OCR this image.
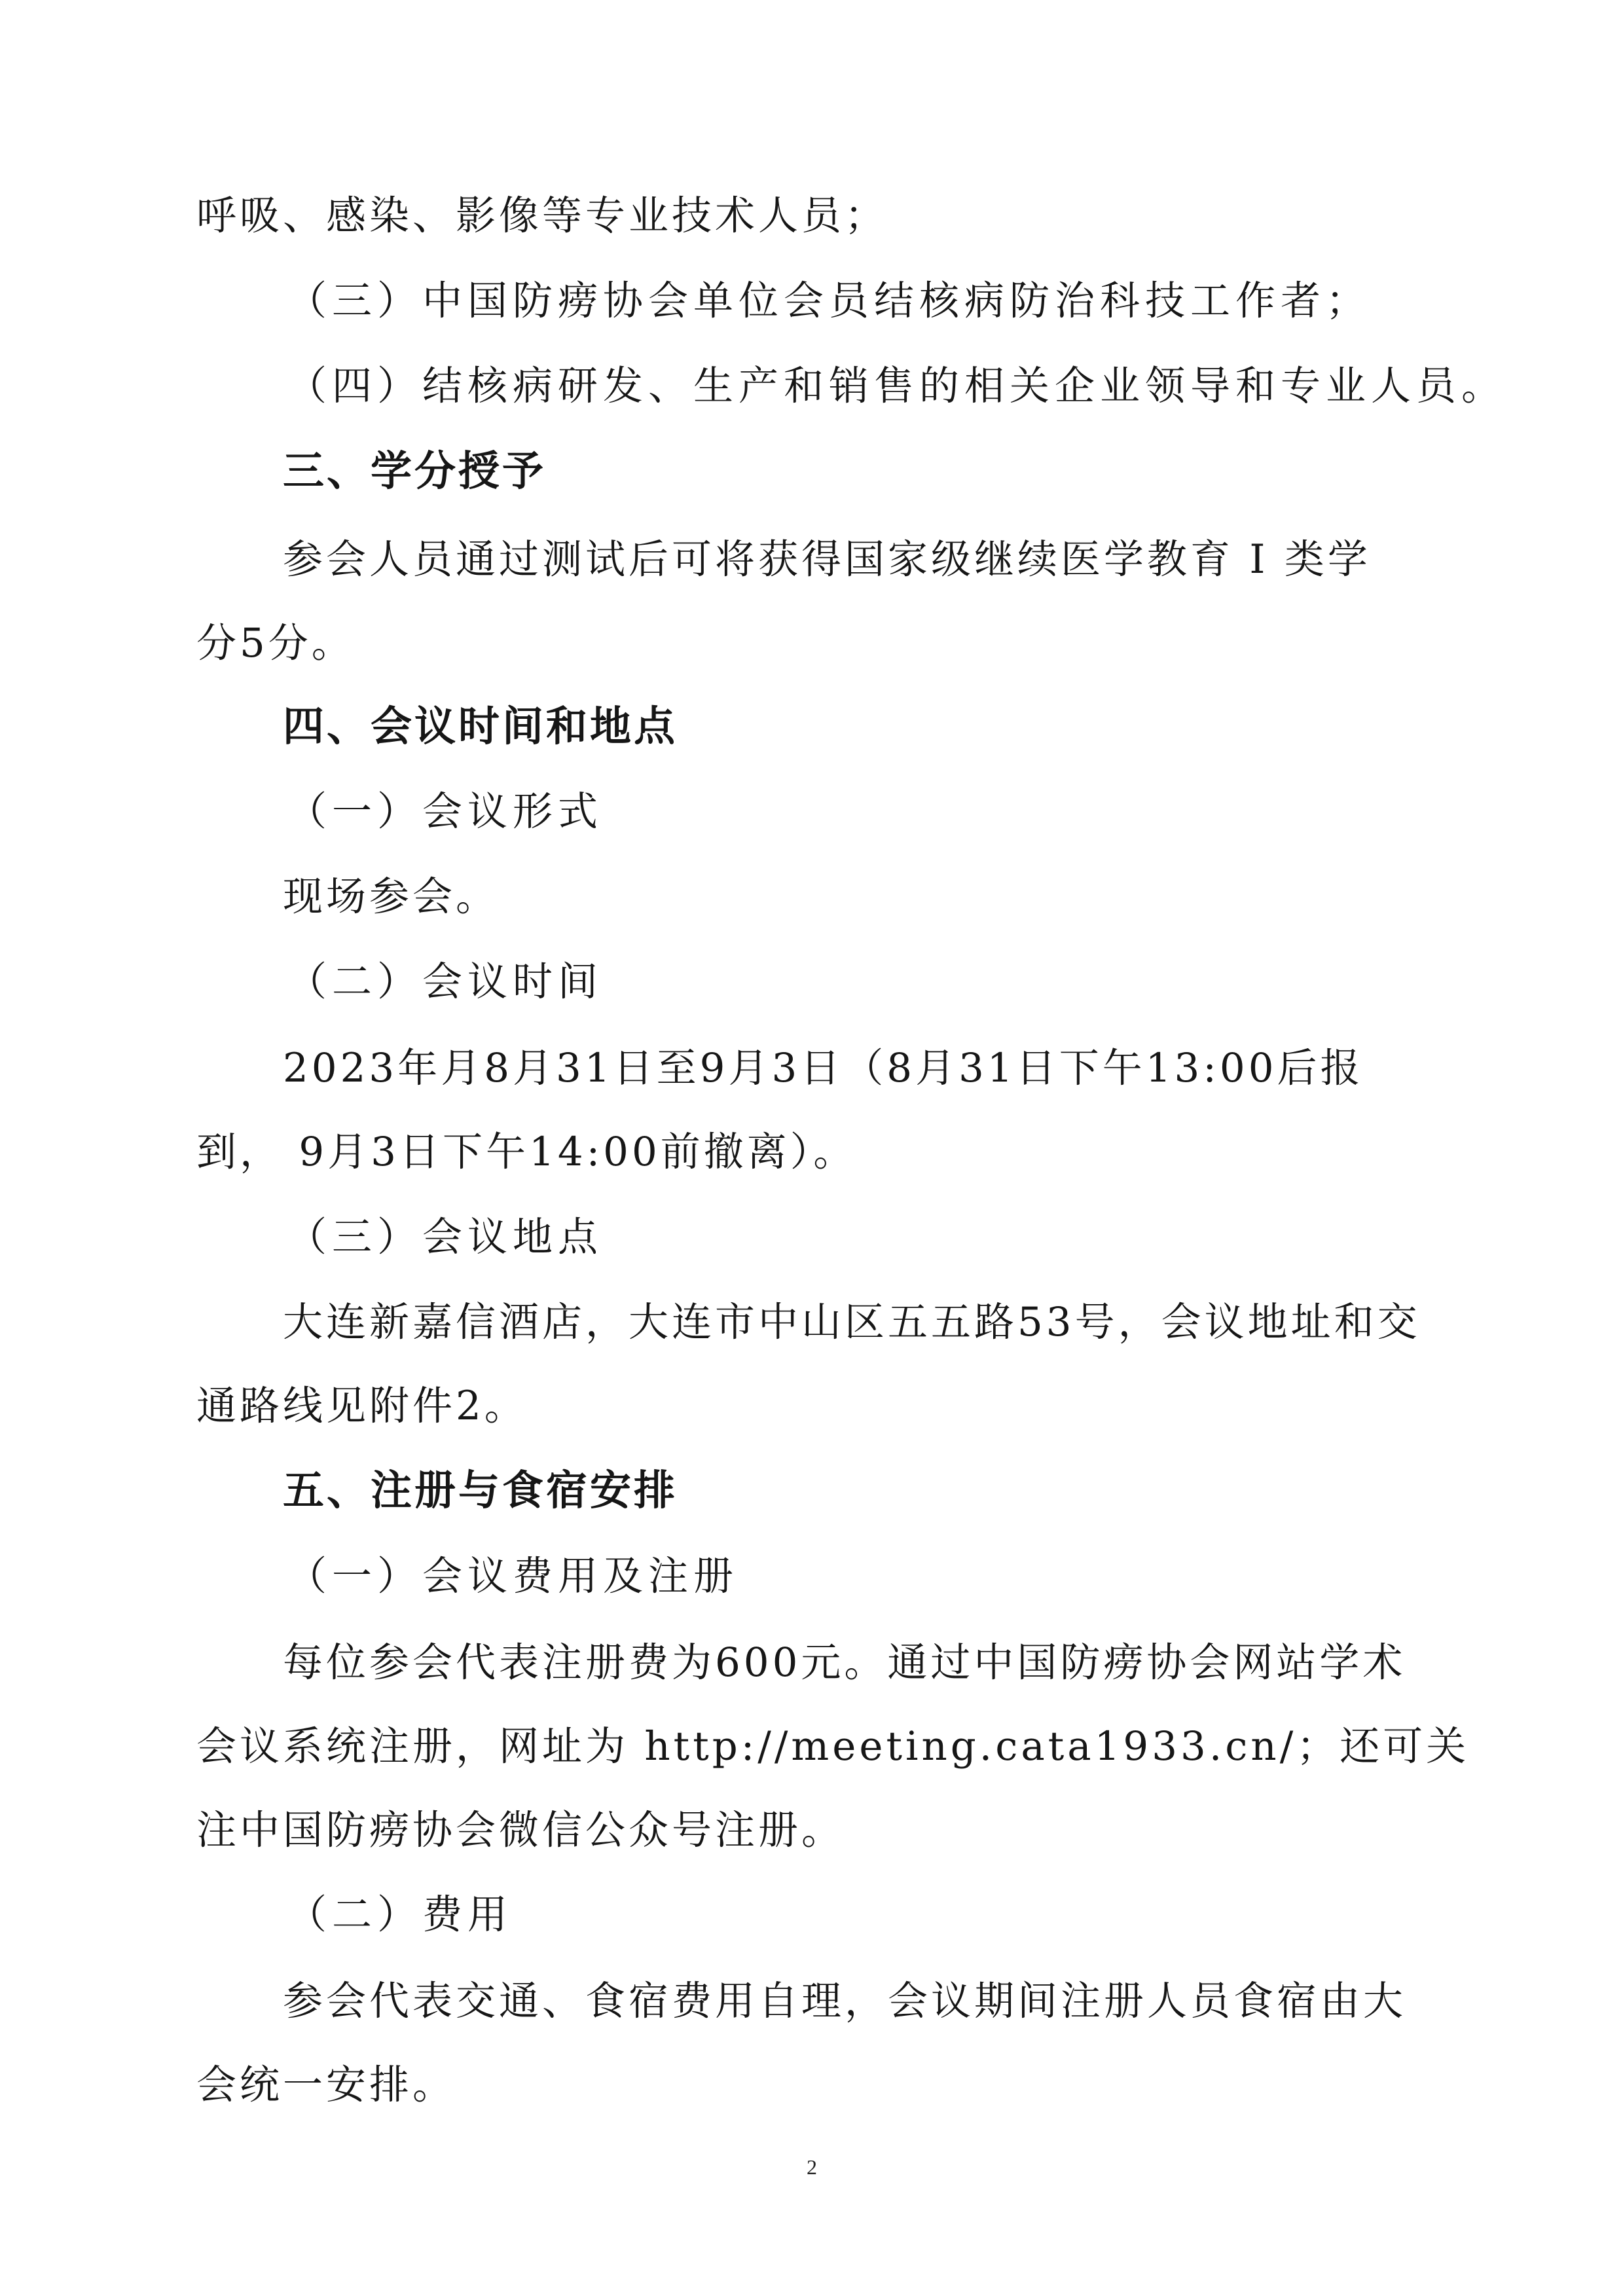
呼吸、感染、影像等专业技术人员；
（三）中国防痨协会单位会员结核病防治科技工作者；
（四）结核病研发、生产和销售的相关企业领导和专业人员。
三、学分授予
参会人员通过测试后可将获得国家级继续医学教育 Ⅰ 类学
分5分。
四、会议时间和地点
（一）会议形式
现场参会。
（二）会议时间
2023年月8月31日至9月3日（8月31日下午13:00后报
到， 9月3日下午14:00前撤离）。
（三）会议地点
大连新嘉信酒店，大连市中山区五五路53号，会议地址和交
通路线见附件2。
五、注册与食宿安排
（一）会议费用及注册
每位参会代表注册费为600元。通过中国防痨协会网站学术
会议系统注册，网址为 http://meeting.cata1933.cn/；还可关
注中国防痨协会微信公众号注册。
（二）费用
参会代表交通、食宿费用自理，会议期间注册人员食宿由大
会统一安排。
2
